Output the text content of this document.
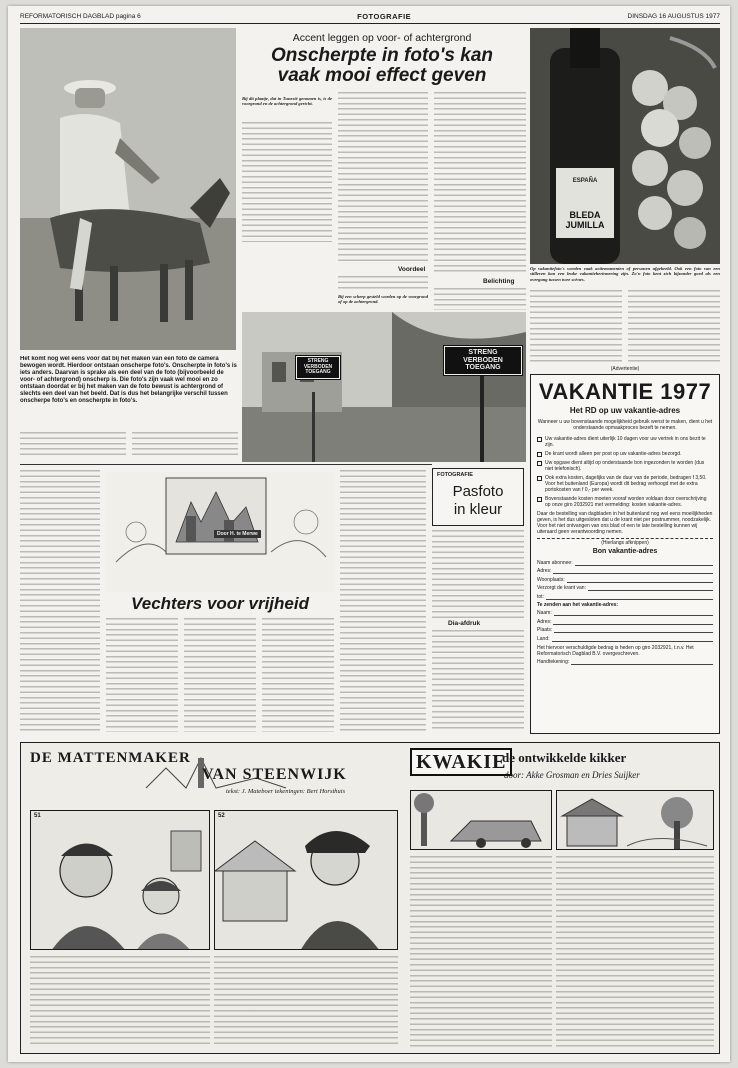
REFORMATORISCH DAGBLAD pagina 6	FOTOGRAFIE	DINSDAG 16 AUGUSTUS 1977
Accent leggen op voor- of achtergrond
Onscherpte in foto's kan
vaak mooi effect geven
Bij dit plaatje, dat in Tunesië genomen is, is de voorgrond en de achtergrond gericht.
Voordeel
Belichting
Bij een scherp gesteld worden op de voorgrond of op de achtergrond.
ESPAÑA
BLEDA JUMILLA
Op vakantiefoto's worden vaak actiemomenten of personen afgebeeld. Ook een foto van een stilleven kan een leuke vakantieherinnering zijn. Zo'n foto kent zich bijzonder goed als een overgang tussen twee scènes.
Het komt nog wel eens voor dat bij het maken van een foto de camera bewogen wordt. Hierdoor ontstaan onscherpe foto's. Onscherpte in foto's is iets anders. Daarvan is sprake als een deel van de foto (bijvoorbeeld de voor- of achtergrond) onscherp is. Die foto's zijn vaak wel mooi en zo ontstaan doordat er bij het maken van de foto bewust is achtergrond of slechts een deel van het beeld. Dat is dus het belangrijke verschil tussen onscherpe foto's en onscherpte in foto's.
STRENG VERBODEN TOEGANG
STRENG VERBODEN TOEGANG
Door H. te Merwe
Vechters voor vrijheid
FOTOGRAFIE
Pasfoto
in kleur
Dia-afdruk
(Advertentie)
VAKANTIE 1977
Het RD op uw vakantie-adres
Wanneer u uw bovenstaande mogelijkheid gebruik wenst te maken, dient u het onderstaande opmaakproces bezeft te nemen.
Uw vakantie-adres dient uiterlijk 10 dagen voor uw vertrek in ons bezit te zijn.
De krant wordt alleen per post op uw vakantie-adres bezorgd.
Uw opgave dient altijd op onderstaande bon ingezonden te worden (dus niet telefonisch).
Ook extra kosten, dagelijks van de duur van de periode, bedragen f 3,50. Voor het buitenland (Europa) wordt dit bedrag verhoogd met de extra portokosten van f 0,- per week.
Bovenstaande kosten moeten vooraf worden voldaan door overschrijving op onze giro 2032921 met vermelding: kosten vakantie-adres.
Daar de bestelling van dagbladen in het buitenland nog wel eens moeilijkheden geven, is het dus uitgesloten dat u de krant niet per postnummer, noodzakelijk. Voor het niet ontvangen van ons blad of een te late bestelling kunnen wij uiteraard geen verantwoording nemen.
(Hierlangs afknippen)
Bon vakantie-adres
Naam abonnee:
Adres:
Woonplaats:
Verzorgt de krant van:
tot:
Te zenden aan het vakantie-adres:
Naam:
Adres:
Plaats:
Land:
Het hiervoor verschuldigde bedrag is heden op giro 2032921, t.n.v. Het Reformatorisch Dagblad B.V. overgeschreven.
Handtekening:
DE MATTENMAKER
VAN STEENWIJK
tekst: J. Mateboer tekeningen: Bert Horsthuis
51	52
KWAKIE
de ontwikkelde kikker
door: Akke Grosman en Dries Suijker
